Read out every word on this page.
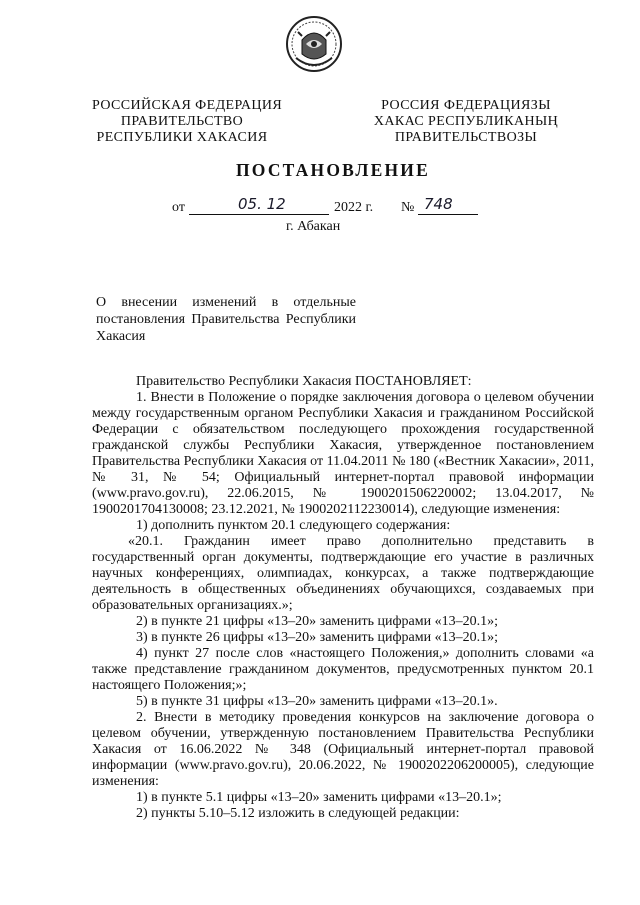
РОССИЙСКАЯ ФЕДЕРАЦИЯ
ПРАВИТЕЛЬСТВО
РЕСПУБЛИКИ ХАКАСИЯ
РОССИЯ ФЕДЕРАЦИЯЗЫ
ХАКАС РЕСПУБЛИКАНЫҢ
ПРАВИТЕЛЬСТВОЗЫ
ПОСТАНОВЛЕНИЕ
от	05. 12	2022 г. № 748
г. Абакан
О внесении изменений в отдельные постановления Правительства Республики Хакасия

Правительство Республики Хакасия ПОСТАНОВЛЯЕТ:

1. Внести в Положение о порядке заключения договора о целевом обучении между государственным органом Республики Хакасия и гражданином Российской Федерации с обязательством последующего прохождения государственной гражданской службы Республики Хакасия, утвержденное постановлением Правительства Республики Хакасия от 11.04.2011 № 180 («Вестник Хакасии», 2011, № 31, № 54; Официальный интернет-портал правовой информации (www.pravo.gov.ru), 22.06.2015, № 1900201506220002; 13.04.2017, № 1900201704130008; 23.12.2021, № 1900202112230014), следующие изменения:

1) дополнить пунктом 20.1 следующего содержания:

«20.1. Гражданин имеет право дополнительно представить в государственный орган документы, подтверждающие его участие в различных научных конференциях, олимпиадах, конкурсах, а также подтверждающие деятельность в общественных объединениях обучающихся, создаваемых при образовательных организациях.»;

2) в пункте 21 цифры «13–20» заменить цифрами «13–20.1»;

3) в пункте 26 цифры «13–20» заменить цифрами «13–20.1»;

4) пункт 27 после слов «настоящего Положения,» дополнить словами «а также представление гражданином документов, предусмотренных пунктом 20.1 настоящего Положения;»;

5) в пункте 31 цифры «13–20» заменить цифрами «13–20.1».

2. Внести в методику проведения конкурсов на заключение договора о целевом обучении, утвержденную постановлением Правительства Республики Хакасия от 16.06.2022 № 348 (Официальный интернет-портал правовой информации (www.pravo.gov.ru), 20.06.2022, № 1900202206200005), следующие изменения:

1) в пункте 5.1 цифры «13–20» заменить цифрами «13–20.1»;

2) пункты 5.10–5.12 изложить в следующей редакции:
